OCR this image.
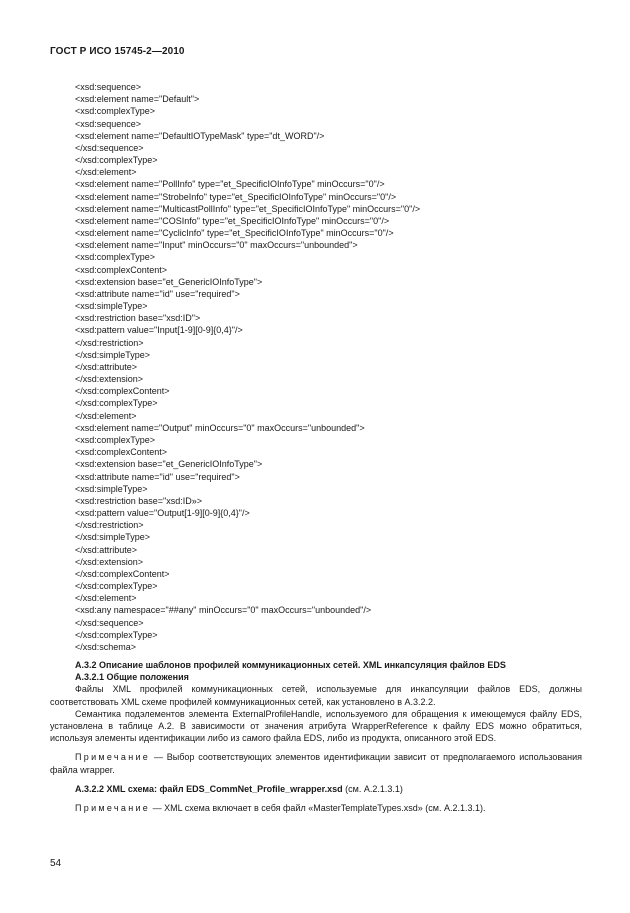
ГОСТ Р ИСО 15745-2—2010
<xsd:sequence>
<xsd:element name="Default">
<xsd:complexType>
<xsd:sequence>
<xsd:element name="DefaultIOTypeMask" type="dt_WORD"/>
</xsd:sequence>
</xsd:complexType>
</xsd:element>
<xsd:element name="PollInfo" type="et_SpecificIOInfoType" minOccurs="0"/>
<xsd:element name="StrobeInfo" type="et_SpecificIOInfoType" minOccurs="0"/>
<xsd:element name="MulticastPollInfo" type="et_SpecificIOInfoType" minOccurs="0"/>
<xsd:element name="COSInfo" type="et_SpecificIOInfoType" minOccurs="0"/>
<xsd:element name="CyclicInfo" type="et_SpecificIOInfoType" minOccurs="0"/>
<xsd:element name="Input" minOccurs="0" maxOccurs="unbounded">
<xsd:complexType>
<xsd:complexContent>
<xsd:extension base="et_GenericIOInfoType">
<xsd:attribute name="id" use="required">
<xsd:simpleType>
<xsd:restriction base="xsd:ID">
<xsd:pattern value="Input[1-9][0-9]{0,4}"/>
</xsd:restriction>
</xsd:simpleType>
</xsd:attribute>
</xsd:extension>
</xsd:complexContent>
</xsd:complexType>
</xsd:element>
<xsd:element name="Output" minOccurs="0" maxOccurs="unbounded">
<xsd:complexType>
<xsd:complexContent>
<xsd:extension base="et_GenericIOInfoType">
<xsd:attribute name="id" use="required">
<xsd:simpleType>
<xsd:restriction base="xsd:ID»>
<xsd:pattern value="Output[1-9][0-9]{0,4}"/>
</xsd:restriction>
</xsd:simpleType>
</xsd:attribute>
</xsd:extension>
</xsd:complexContent>
</xsd:complexType>
</xsd:element>
<xsd:any namespace="##any" minOccurs="0" maxOccurs="unbounded"/>
</xsd:sequence>
</xsd:complexType>
</xsd:schema>
А.3.2 Описание шаблонов профилей коммуникационных сетей. XML инкапсуляция файлов EDS
А.3.2.1 Общие положения

Файлы XML профилей коммуникационных сетей, используемые для инкапсуляции файлов EDS, должны соответствовать XML схеме профилей коммуникационных сетей, как установлено в А.3.2.2.

Семантика подэлементов элемента ExternalProfileHandle, используемого для обращения к имеющемуся файлу EDS, установлена в таблице А.2. В зависимости от значения атрибута WrapperReference к файлу EDS можно обратиться, используя элементы идентификации либо из самого файла EDS, либо из продукта, описанного этой EDS.

Примечание — Выбор соответствующих элементов идентификации зависит от предполагаемого использования файла wrapper.

А.3.2.2 XML схема: файл EDS_CommNet_Profile_wrapper.xsd (см. А.2.1.3.1)

Примечание — XML схема включает в себя файл «MasterTemplateTypes.xsd» (см. А.2.1.3.1).

54
